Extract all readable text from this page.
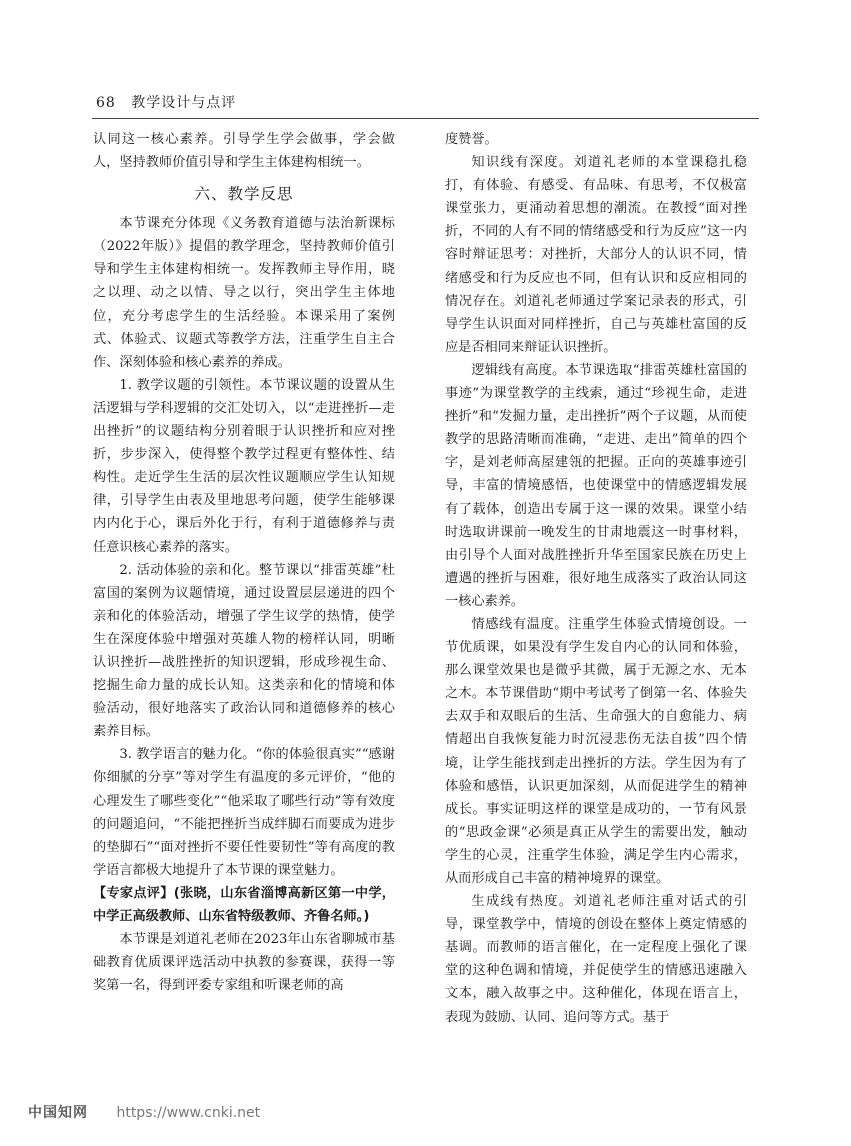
68 教学设计与点评

认同这一核心素养。引导学生学会做事，学会做人，坚持教师价值引导和学生主体建构相统一。

六、教学反思

本节课充分体现《义务教育道德与法治新课标（2022年版）》提倡的教学理念，坚持教师价值引导和学生主体建构相统一。发挥教师主导作用，晓之以理、动之以情、导之以行，突出学生主体地位，充分考虑学生的生活经验。本课采用了案例式、体验式、议题式等教学方法，注重学生自主合作、深刻体验和核心素养的养成。

1. 教学议题的引领性。本节课议题的设置从生活逻辑与学科逻辑的交汇处切入，以“走进挫折—走出挫折”的议题结构分别着眼于认识挫折和应对挫折，步步深入，使得整个教学过程更有整体性、结构性。走近学生生活的层次性议题顺应学生认知规律，引导学生由表及里地思考问题，使学生能够课内内化于心，课后外化于行，有利于道德修养与责任意识核心素养的落实。

2. 活动体验的亲和化。整节课以“排雷英雄”杜富国的案例为议题情境，通过设置层层递进的四个亲和化的体验活动，增强了学生议学的热情，使学生在深度体验中增强对英雄人物的榜样认同，明晰认识挫折—战胜挫折的知识逻辑，形成珍视生命、挖掘生命力量的成长认知。这类亲和化的情境和体验活动，很好地落实了政治认同和道德修养的核心素养目标。

3. 教学语言的魅力化。“你的体验很真实”“感谢你细腻的分享”等对学生有温度的多元评价，“他的心理发生了哪些变化”“他采取了哪些行动”等有效度的问题追问，“不能把挫折当成绊脚石而要成为进步的垫脚石”“面对挫折不要任性要韧性”等有高度的教学语言都极大地提升了本节课的课堂魅力。

【专家点评】(张晓，山东省淄博高新区第一中学，中学正高级教师、山东省特级教师、齐鲁名师。)

本节课是刘道礼老师在2023年山东省聊城市基础教育优质课评选活动中执教的参赛课，获得一等奖第一名，得到评委专家组和听课老师的高

度赞誉。

知识线有深度。刘道礼老师的本堂课稳扎稳打，有体验、有感受、有品味、有思考，不仅极富课堂张力，更涌动着思想的潮流。在教授“面对挫折，不同的人有不同的情绪感受和行为反应”这一内容时辩证思考：对挫折，大部分人的认识不同，情绪感受和行为反应也不同，但有认识和反应相同的情况存在。刘道礼老师通过学案记录表的形式，引导学生认识面对同样挫折，自己与英雄杜富国的反应是否相同来辩证认识挫折。

逻辑线有高度。本节课选取“排雷英雄杜富国的事迹”为课堂教学的主线索，通过“珍视生命，走进挫折”和“发掘力量，走出挫折”两个子议题，从而使教学的思路清晰而准确，“走进、走出”简单的四个字，是刘老师高屋建瓴的把握。正向的英雄事迹引导，丰富的情境感悟，也使课堂中的情感逻辑发展有了载体，创造出专属于这一课的效果。课堂小结时选取讲课前一晚发生的甘肃地震这一时事材料，由引导个人面对战胜挫折升华至国家民族在历史上遭遇的挫折与困难，很好地生成落实了政治认同这一核心素养。

情感线有温度。注重学生体验式情境创设。一节优质课，如果没有学生发自内心的认同和体验，那么课堂效果也是微乎其微，属于无源之水、无本之木。本节课借助“期中考试考了倒第一名、体验失去双手和双眼后的生活、生命强大的自愈能力、病情超出自我恢复能力时沉浸悲伤无法自拔”四个情境，让学生能找到走出挫折的方法。学生因为有了体验和感悟，认识更加深刻，从而促进学生的精神成长。事实证明这样的课堂是成功的，一节有风景的“思政金课”必须是真正从学生的需要出发，触动学生的心灵，注重学生体验，满足学生内心需求，从而形成自己丰富的精神境界的课堂。

生成线有热度。刘道礼老师注重对话式的引导，课堂教学中，情境的创设在整体上奠定情感的基调。而教师的语言催化，在一定程度上强化了课堂的这种色调和情境，并促使学生的情感迅速融入文本，融入故事之中。这种催化，体现在语言上，表现为鼓励、认同、追问等方式。基于

中国知网 https://www.cnki.net
